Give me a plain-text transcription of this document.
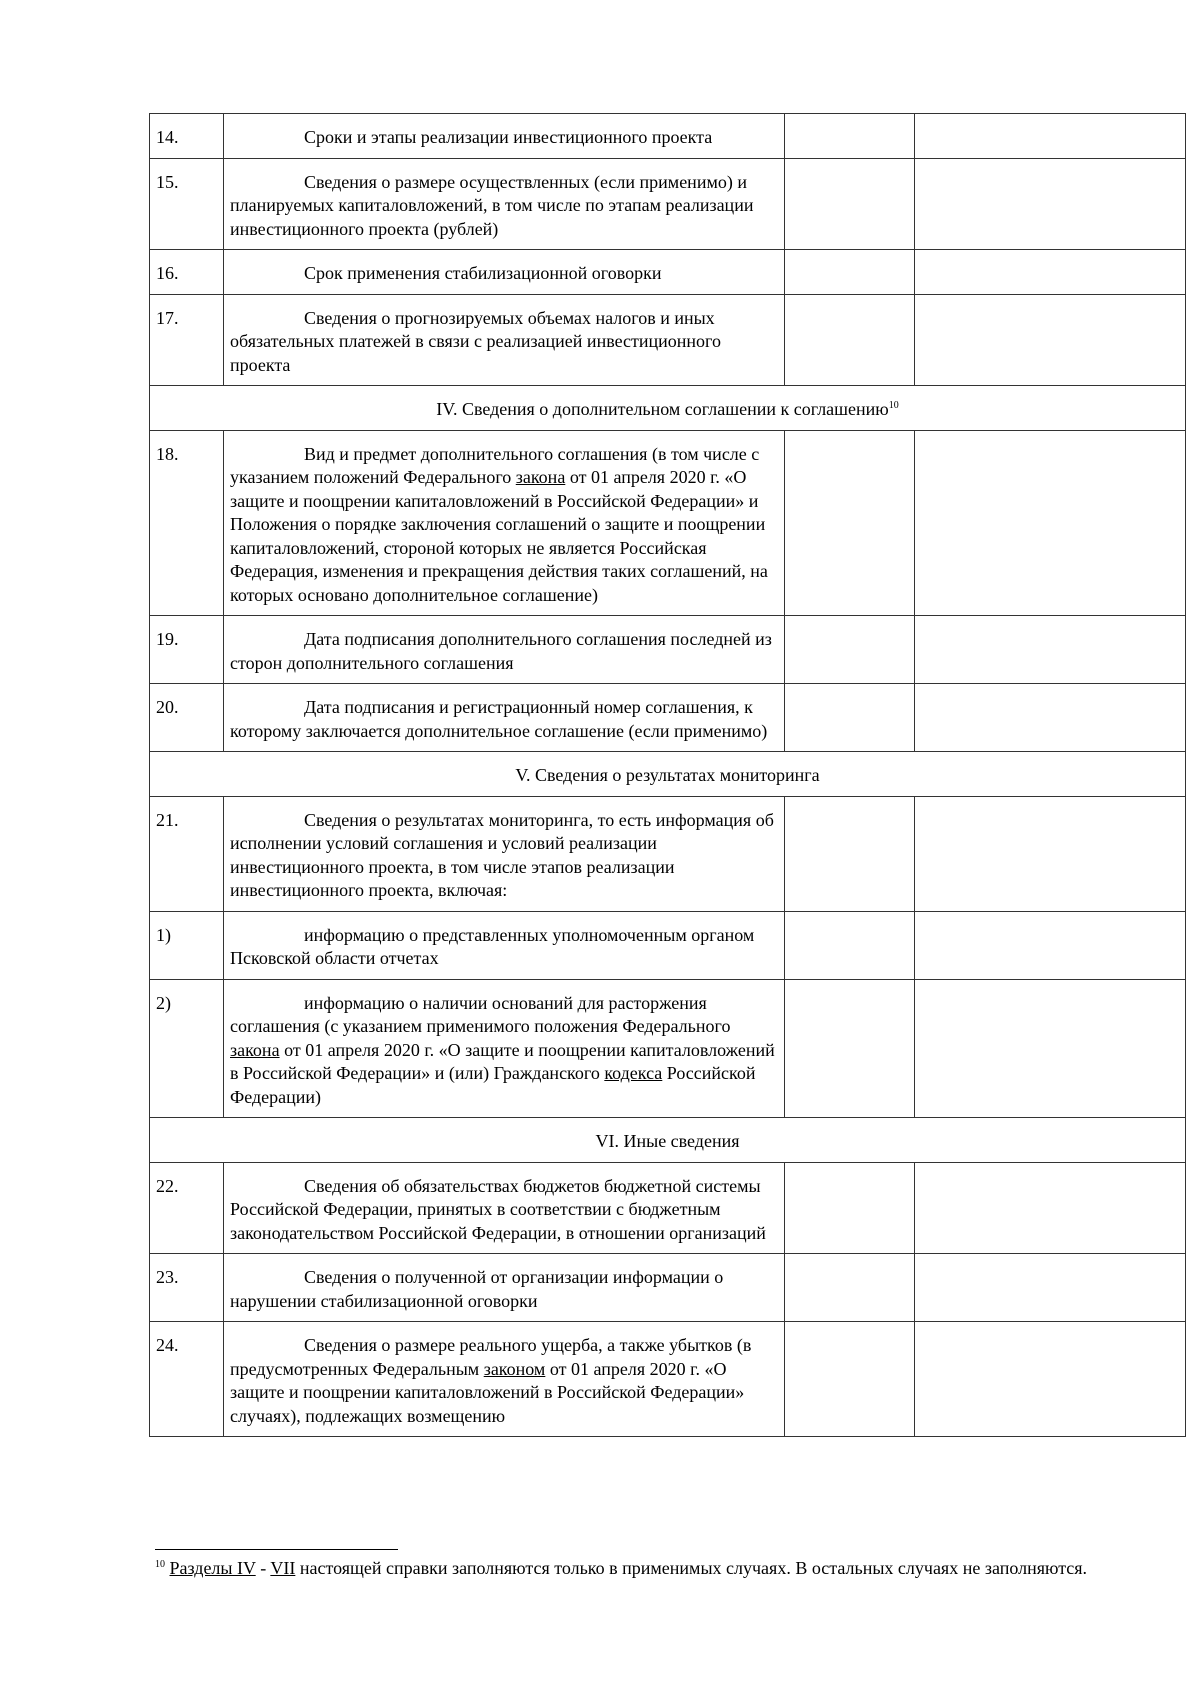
14.	Сроки и этапы реализации инвестиционного проекта		
15.	Сведения о размере осуществленных (если применимо) и планируемых капиталовложений, в том числе по этапам реализации инвестиционного проекта (рублей)		
16.	Срок применения стабилизационной оговорки		
17.	Сведения о прогнозируемых объемах налогов и иных обязательных платежей в связи с реализацией инвестиционного проекта		
IV. Сведения о дополнительном соглашении к соглашению$^{10}$
18.	Вид и предмет дополнительного соглашения (в том числе с указанием положений Федерального закона от 01 апреля 2020 г. «О защите и поощрении капиталовложений в Российской Федерации» и Положения о порядке заключения соглашений о защите и поощрении капиталовложений, стороной которых не является Российская Федерация, изменения и прекращения действия таких соглашений, на которых основано дополнительное соглашение)		
19.	Дата подписания дополнительного соглашения последней из сторон дополнительного соглашения		
20.	Дата подписания и регистрационный номер соглашения, к которому заключается дополнительное соглашение (если применимо)		
V. Сведения о результатах мониторинга			
21.	Сведения о результатах мониторинга, то есть информация об исполнении условий соглашения и условий реализации инвестиционного проекта, в том числе этапов реализации инвестиционного проекта, включая:		
1)	информацию о представленных уполномоченным органом Псковской области отчетах		
2)	информацию о наличии оснований для расторжения соглашения (с указанием применимого положения Федерального закона от 01 апреля 2020 г. «О защите и поощрении капиталовложений в Российской Федерации» и (или) Гражданского кодекса Российской Федерации)		
VI. Иные сведения			
22.	Сведения об обязательствах бюджетов бюджетной системы Российской Федерации, принятых в соответствии с бюджетным законодательством Российской Федерации, в отношении организаций		
23.	Сведения о полученной от организации информации о нарушении стабилизационной оговорки		
24.	Сведения о размере реального ущерба, а также убытков (в предусмотренных Федеральным законом от 01 апреля 2020 г. «О защите и поощрении капиталовложений в Российской Федерации» случаях), подлежащих возмещению		
$^{10}$ Разделы IV - VII настоящей справки заполняются только в применимых случаях. В остальных случаях не заполняются.
